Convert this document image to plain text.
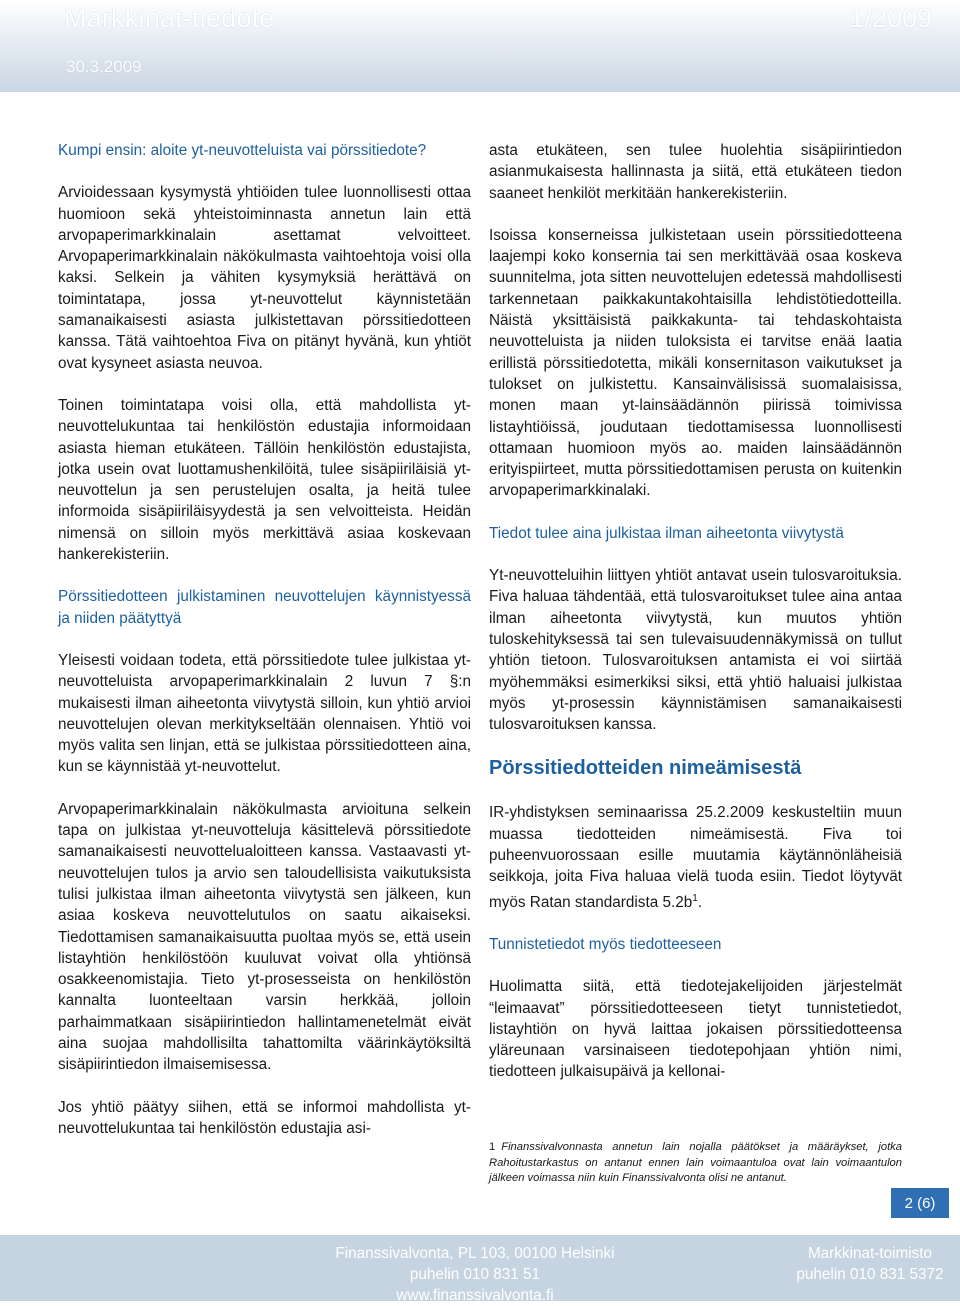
Markkinat-tiedote	1/2009
30.3.2009
Kumpi ensin: aloite yt-neuvotteluista vai pörssitiedote?

Arvioidessaan kysymystä yhtiöiden tulee luonnollisesti ottaa huomioon sekä yhteistoiminnasta annetun lain että arvopaperimarkkinalain asettamat velvoitteet. Arvopaperimarkkinalain näkökulmasta vaihtoehtoja voisi olla kaksi. Selkein ja vähiten kysymyksiä herättävä on toimintatapa, jossa yt-neuvottelut käynnistetään samanaikaisesti asiasta julkistettavan pörssitiedotteen kanssa. Tätä vaihtoehtoa Fiva on pitänyt hyvänä, kun yhtiöt ovat kysyneet asiasta neuvoa.

Toinen toimintatapa voisi olla, että mahdollista yt-neuvottelukuntaa tai henkilöstön edustajia informoidaan asiasta hieman etukäteen. Tällöin henkilöstön edustajista, jotka usein ovat luottamushenkilöitä, tulee sisäpiiriläisiä yt-neuvottelun ja sen perustelujen osalta, ja heitä tulee informoida sisäpiiriläisyydestä ja sen velvoitteista. Heidän nimensä on silloin myös merkittävä asiaa koskevaan hankerekisteriin.

Pörssitiedotteen julkistaminen neuvottelujen käynnistyessä ja niiden päätyttyä

Yleisesti voidaan todeta, että pörssitiedote tulee julkistaa yt-neuvotteluista arvopaperimarkkinalain 2 luvun 7 §:n mukaisesti ilman aiheetonta viivytystä silloin, kun yhtiö arvioi neuvottelujen olevan merkitykseltään olennaisen. Yhtiö voi myös valita sen linjan, että se julkistaa pörssitiedotteen aina, kun se käynnistää yt-neuvottelut.

Arvopaperimarkkinalain näkökulmasta arvioituna selkein tapa on julkistaa yt-neuvotteluja käsittelevä pörssitiedote samanaikaisesti neuvottelualoitteen kanssa. Vastaavasti yt-neuvottelujen tulos ja arvio sen taloudellisista vaikutuksista tulisi julkistaa ilman aiheetonta viivytystä sen jälkeen, kun asiaa koskeva neuvottelutulos on saatu aikaiseksi. Tiedottamisen samanaikaisuutta puoltaa myös se, että usein listayhtiön henkilöstöön kuuluvat voivat olla yhtiönsä osakkeenomistajia. Tieto yt-prosesseista on henkilöstön kannalta luonteeltaan varsin herkkää, jolloin parhaimmatkaan sisäpiirintiedon hallintamenetelmät eivät aina suojaa mahdollisilta tahattomilta väärinkäytöksiltä sisäpiirintiedon ilmaisemisessa.

Jos yhtiö päätyy siihen, että se informoi mahdollista yt-neuvottelukuntaa tai henkilöstön edustajia asi-

asta etukäteen, sen tulee huolehtia sisäpiirintiedon asianmukaisesta hallinnasta ja siitä, että etukäteen tiedon saaneet henkilöt merkitään hankerekisteriin.

Isoissa konserneissa julkistetaan usein pörssitiedotteena laajempi koko konsernia tai sen merkittävää osaa koskeva suunnitelma, jota sitten neuvottelujen edetessä mahdollisesti tarkennetaan paikkakuntakohtaisilla lehdistötiedotteilla. Näistä yksittäisistä paikkakunta- tai tehdaskohtaista neuvotteluista ja niiden tuloksista ei tarvitse enää laatia erillistä pörssitiedotetta, mikäli konsernitason vaikutukset ja tulokset on julkistettu. Kansainvälisissä suomalaisissa, monen maan yt-lainsäädännön piirissä toimivissa listayhtiöissä, joudutaan tiedottamisessa luonnollisesti ottamaan huomioon myös ao. maiden lainsäädännön erityispiirteet, mutta pörssitiedottamisen perusta on kuitenkin arvopaperimarkkinalaki.

Tiedot tulee aina julkistaa ilman aiheetonta viivytystä

Yt-neuvotteluihin liittyen yhtiöt antavat usein tulosvaroituksia. Fiva haluaa tähdentää, että tulosvaroitukset tulee aina antaa ilman aiheetonta viivytystä, kun muutos yhtiön tuloskehityksessä tai sen tulevaisuudennäkymissä on tullut yhtiön tietoon. Tulosvaroituksen antamista ei voi siirtää myöhemmäksi esimerkiksi siksi, että yhtiö haluaisi julkistaa myös yt-prosessin käynnistämisen samanaikaisesti tulosvaroituksen kanssa.

Pörssitiedotteiden nimeämisestä

IR-yhdistyksen seminaarissa 25.2.2009 keskusteltiin muun muassa tiedotteiden nimeämisestä. Fiva toi puheenvuorossaan esille muutamia käytännönläheisiä seikkoja, joita Fiva haluaa vielä tuoda esiin. Tiedot löytyvät myös Ratan standardista $5.2b^1$.

Tunnistetiedot myös tiedotteeseen

Huolimatta siitä, että tiedotejakelijoiden järjestelmät “leimaavat” pörssitiedotteeseen tietyt tunnistetiedot, listayhtiön on hyvä laittaa jokaisen pörssitiedotteensa yläreunaan varsinaiseen tiedotepohjaan yhtiön nimi, tiedotteen julkaisupäivä ja kellonai-

1 Finanssivalvonnasta annetun lain nojalla päätökset ja määräykset, jotka Rahoitustarkastus on antanut ennen lain voimaantuloa ovat lain voimaantulon jälkeen voimassa niin kuin Finanssivalvonta olisi ne antanut.
2 (6)
Finanssivalvonta, PL 103, 00100 Helsinki
puhelin 010 831 51
www.finanssivalvonta.fi
Markkinat-toimisto
puhelin 010 831 5372
